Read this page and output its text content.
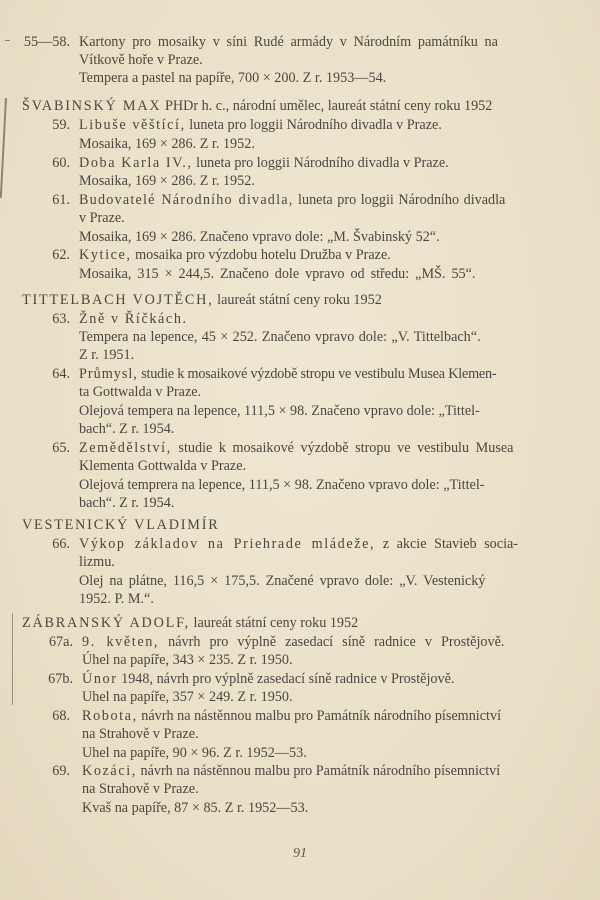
55—58. Kartony pro mosaiky v síni Rudé armády v Národním památníku na
Vítkově hoře v Praze.
Tempera a pastel na papíře, 700 × 200. Z r. 1953—54.
ŠVABINSKÝ MAX PHDr h. c., národní umělec, laureát státní ceny roku 1952
59. Libuše věštící, luneta pro loggii Národního divadla v Praze.
Mosaika, 169 × 286. Z r. 1952.
60. Doba Karla IV., luneta pro loggii Národního divadla v Praze.
Mosaika, 169 × 286. Z r. 1952.
61. Budovatelé Národního divadla, luneta pro loggii Národního divadla
v Praze.
Mosaika, 169 × 286. Značeno vpravo dole: „M. Švabinský 52“.
62. Kytice, mosaika pro výzdobu hotelu Družba v Praze.
Mosaika, 315 × 244,5. Značeno dole vpravo od středu: „MŠ. 55“.
TITTELBACH VOJTĚCH, laureát státní ceny roku 1952
63. Žně v Říčkách.
Tempera na lepence, 45 × 252. Značeno vpravo dole: „V. Tittelbach“.
Z r. 1951.
64. Průmysl, studie k mosaikové výzdobě stropu ve vestibulu Musea Klemen-
ta Gottwalda v Praze.
Olejová tempera na lepence, 111,5 × 98. Značeno vpravo dole: „Tittel-
bach“. Z r. 1954.
65. Zemědělství, studie k mosaikové výzdobě stropu ve vestibulu Musea
Klementa Gottwalda v Praze.
Olejová temprera na lepence, 111,5 × 98. Značeno vpravo dole: „Tittel-
bach“. Z r. 1954.
VESTENICKÝ VLADIMÍR
66. Výkop základov na Priehrade mládeže, z akcie Stavieb socia-
lizmu.
Olej na plátne, 116,5 × 175,5. Značené vpravo dole: „V. Vestenický
1952. P. M.“.
ZÁBRANSKÝ ADOLF, laureát státní ceny roku 1952
67a. 9. květen, návrh pro výplně zasedací síně radnice v Prostějově.
Úhel na papíře, 343 × 235. Z r. 1950.
67b. Únor 1948, návrh pro výplně zasedací síně radnice v Prostějově.
Uhel na papíře, 357 × 249. Z r. 1950.
68. Robota, návrh na nástěnnou malbu pro Památník národního písemnictví
na Strahově v Praze.
Uhel na papíře, 90 × 96. Z r. 1952—53.
69. Kozáci, návrh na nástěnnou malbu pro Památník národního písemnictví
na Strahově v Praze.
Kvaš na papíře, 87 × 85. Z r. 1952—53.
91
